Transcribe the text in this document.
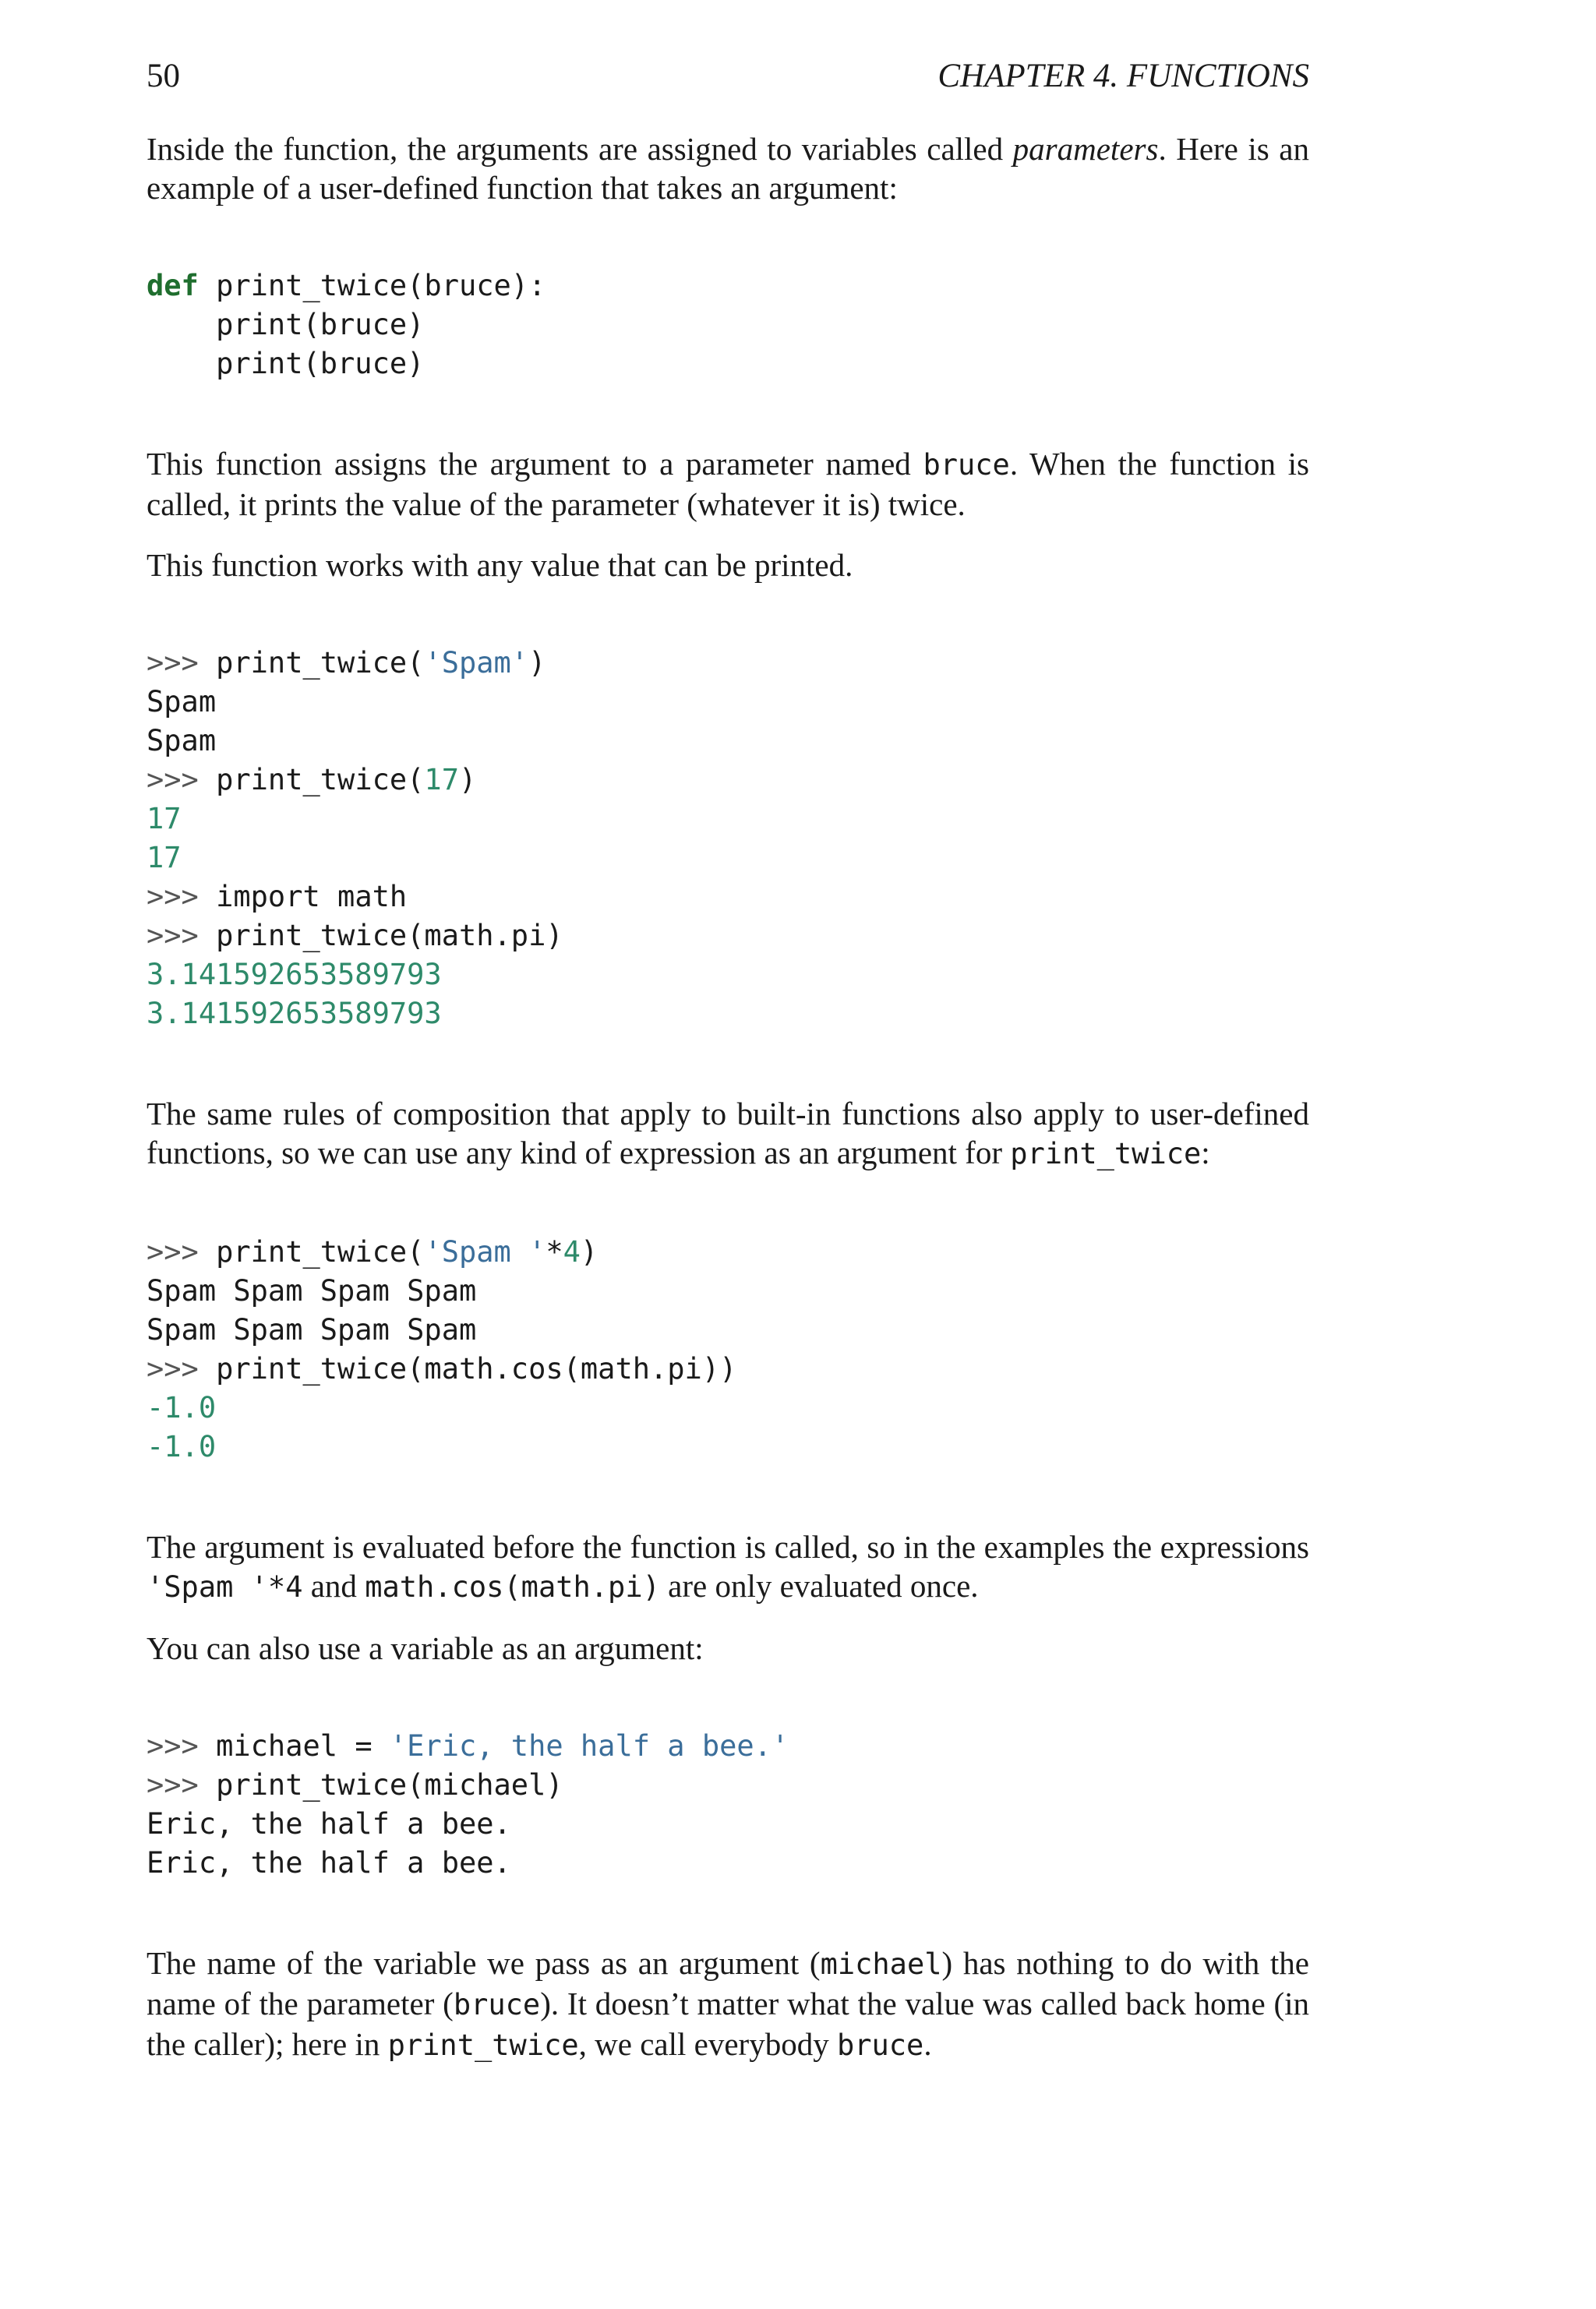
50	CHAPTER 4. FUNCTIONS

Inside the function, the arguments are assigned to variables called parameters. Here is an example of a user-defined function that takes an argument:

def print_twice(bruce):
print(bruce)
print(bruce)

This function assigns the argument to a parameter named bruce. When the function is called, it prints the value of the parameter (whatever it is) twice.

This function works with any value that can be printed.

>>> print_twice('Spam')
Spam
Spam
>>> print_twice(17)
17
17
>>> import math
>>> print_twice(math.pi)
3.141592653589793
3.141592653589793

The same rules of composition that apply to built-in functions also apply to user-defined functions, so we can use any kind of expression as an argument for print_twice:

>>> print_twice('Spam '*4)
Spam Spam Spam Spam
Spam Spam Spam Spam
>>> print_twice(math.cos(math.pi))
-1.0
-1.0

The argument is evaluated before the function is called, so in the examples the expressions 'Spam '*4 and math.cos(math.pi) are only evaluated once.

You can also use a variable as an argument:

>>> michael = 'Eric, the half a bee.'
>>> print_twice(michael)
Eric, the half a bee.
Eric, the half a bee.

The name of the variable we pass as an argument (michael) has nothing to do with the name of the parameter (bruce). It doesn’t matter what the value was called back home (in the caller); here in print_twice, we call everybody bruce.
